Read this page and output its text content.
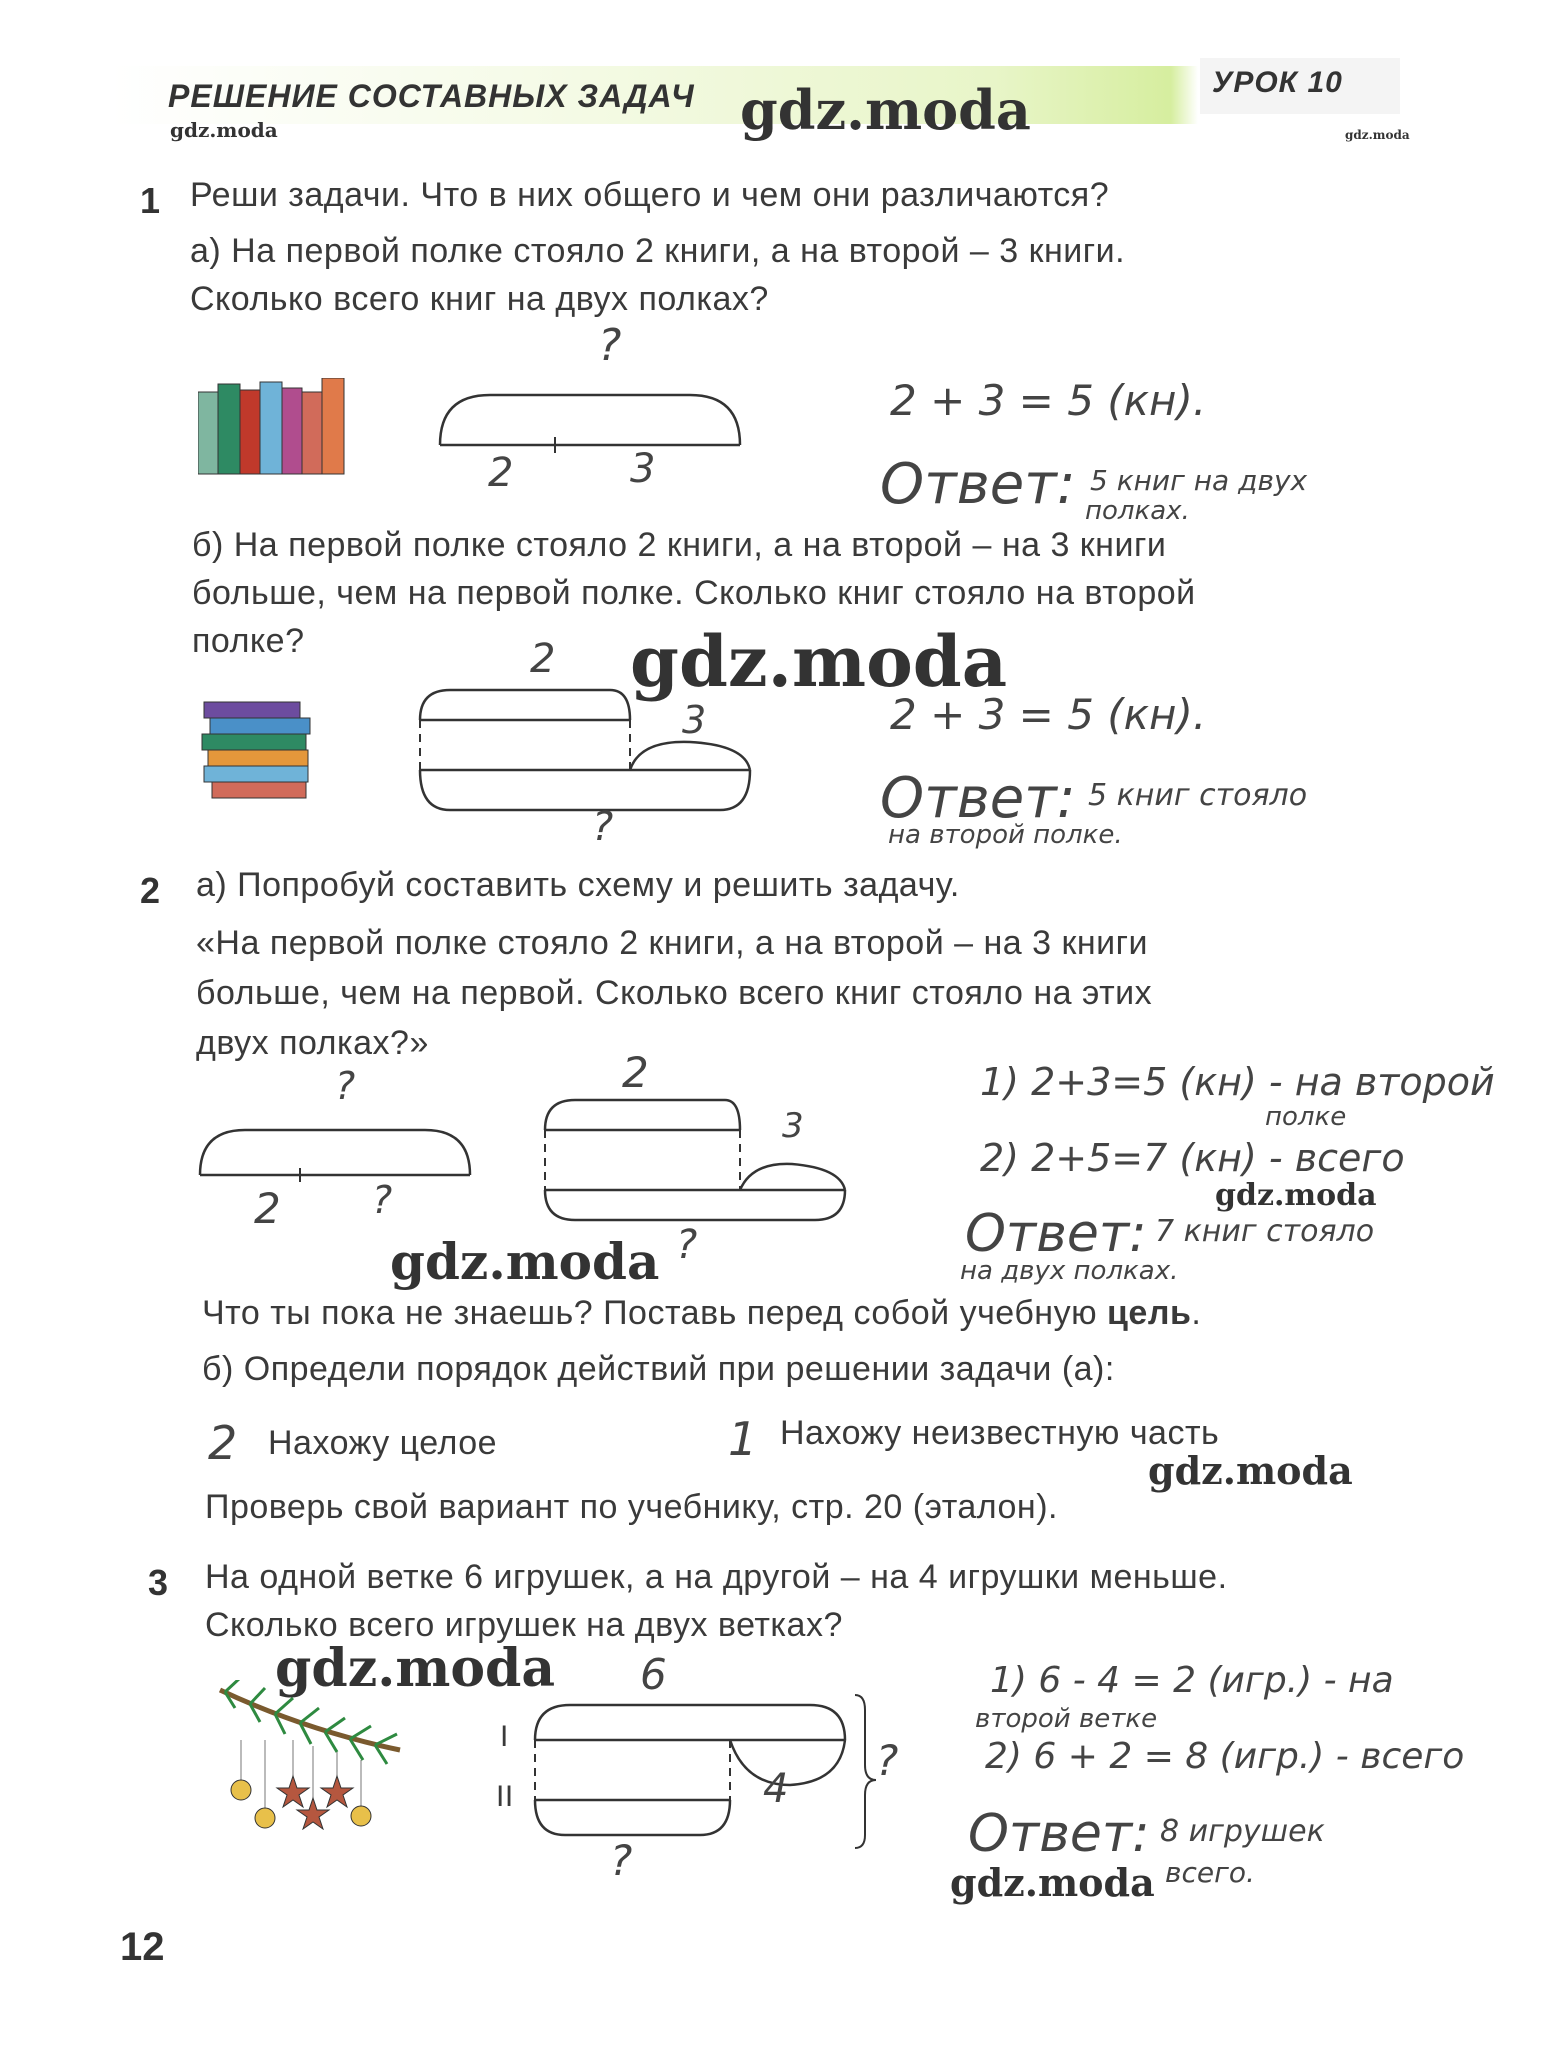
РЕШЕНИЕ СОСТАВНЫХ ЗАДАЧ	УРОК 10
gdz.moda
gdz.moda	gdz.moda
gdz.moda
gdz.moda
gdz.moda
gdz.moda
gdz.moda
gdz.moda
1 Реши задачи. Что в них общего и чем они различаются?
а) На первой полке стояло 2 книги, а на второй – 3 книги.
Сколько всего книг на двух полках?
?
2	3
2 + 3 = 5 (кн).
Ответ: 5 книг на двух
полках.
б) На первой полке стояло 2 книги, а на второй – на 3 книги
больше, чем на первой полке. Сколько книг стояло на второй
полке?	2
3
?
2 + 3 = 5 (кн).
Ответ: 5 книг стояло
на второй полке.
2 а) Попробуй составить схему и решить задачу.
«На первой полке стояло 2 книги, а на второй – на 3 книги
больше, чем на первой. Сколько всего книг стояло на этих
двух полках?»
?
2 ?
2
3
?
1) 2+3=5 (кн) - на второй
полке
2) 2+5=7 (кн) - всего
Ответ: 7 книг стояло
на двух полках.
Что ты пока не знаешь? Поставь перед собой учебную цель.
б) Определи порядок действий при решении задачи (а):
2 Нахожу целое	1 Нахожу неизвестную часть
Проверь свой вариант по учебнику, стр. 20 (эталон).
3 На одной ветке 6 игрушек, а на другой – на 4 игрушки меньше.
Сколько всего игрушек на двух ветках?
6
I
II	4
?
?
1) 6 - 4 = 2 (игр.) - на
второй ветке
2) 6 + 2 = 8 (игр.) - всего
Ответ: 8 игрушек
всего.
12
